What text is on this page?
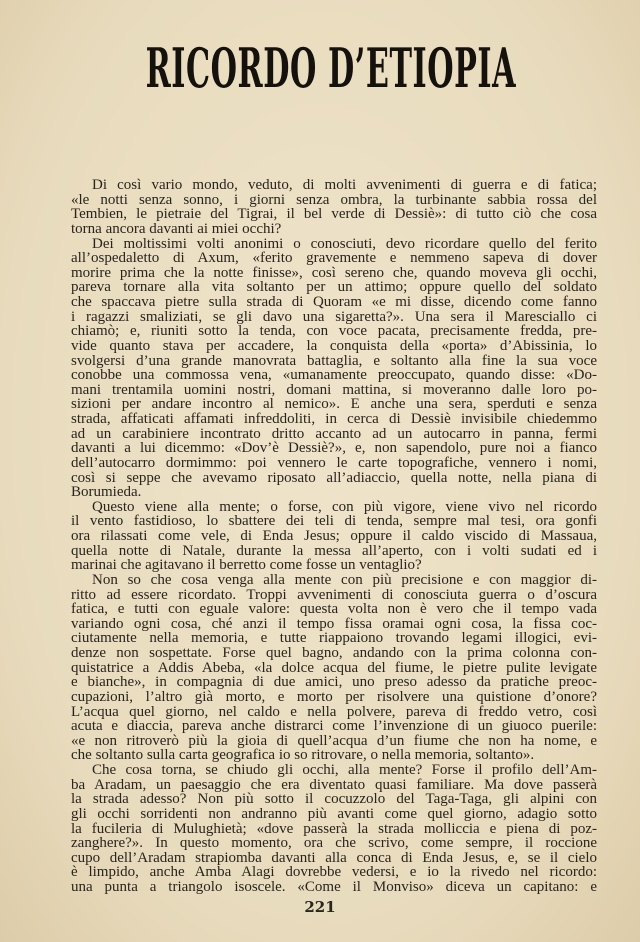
RICORDO D’ETIOPIA
Di così vario mondo, veduto, di molti avvenimenti di guerra e di fatica;
«le notti senza sonno, i giorni senza ombra, la turbinante sabbia rossa del
Tembien, le pietraie del Tigrai, il bel verde di Dessiè»: di tutto ciò che cosa
torna ancora davanti ai miei occhi?
Dei moltissimi volti anonimi o conosciuti, devo ricordare quello del ferito
all’ospedaletto di Axum, «ferito gravemente e nemmeno sapeva di dover
morire prima che la notte finisse», così sereno che, quando moveva gli occhi,
pareva tornare alla vita soltanto per un attimo; oppure quello del soldato
che spaccava pietre sulla strada di Quoram «e mi disse, dicendo come fanno
i ragazzi smaliziati, se gli davo una sigaretta?». Una sera il Maresciallo ci
chiamò; e, riuniti sotto la tenda, con voce pacata, precisamente fredda, pre-
vide quanto stava per accadere, la conquista della «porta» d’Abissinia, lo
svolgersi d’una grande manovrata battaglia, e soltanto alla fine la sua voce
conobbe una commossa vena, «umanamente preoccupato, quando disse: «Do-
mani trentamila uomini nostri, domani mattina, si moveranno dalle loro po-
sizioni per andare incontro al nemico». E anche una sera, sperduti e senza
strada, affaticati affamati infreddoliti, in cerca di Dessiè invisibile chiedemmo
ad un carabiniere incontrato dritto accanto ad un autocarro in panna, fermi
davanti a lui dicemmo: «Dov’è Dessiè?», e, non sapendolo, pure noi a fianco
dell’autocarro dormimmo: poi vennero le carte topografiche, vennero i nomi,
così si seppe che avevamo riposato all’adiaccio, quella notte, nella piana di
Borumieda.
Questo viene alla mente; o forse, con più vigore, viene vivo nel ricordo
il vento fastidioso, lo sbattere dei teli di tenda, sempre mal tesi, ora gonfi
ora rilassati come vele, di Enda Jesus; oppure il caldo viscido di Massaua,
quella notte di Natale, durante la messa all’aperto, con i volti sudati ed i
marinai che agitavano il berretto come fosse un ventaglio?
Non so che cosa venga alla mente con più precisione e con maggior di-
ritto ad essere ricordato. Troppi avvenimenti di conosciuta guerra o d’oscura
fatica, e tutti con eguale valore: questa volta non è vero che il tempo vada
variando ogni cosa, ché anzi il tempo fissa oramai ogni cosa, la fissa coc-
ciutamente nella memoria, e tutte riappaiono trovando legami illogici, evi-
denze non sospettate. Forse quel bagno, andando con la prima colonna con-
quistatrice a Addis Abeba, «la dolce acqua del fiume, le pietre pulite levigate
e bianche», in compagnia di due amici, uno preso adesso da pratiche preoc-
cupazioni, l’altro già morto, e morto per risolvere una quistione d’onore?
L’acqua quel giorno, nel caldo e nella polvere, pareva di freddo vetro, così
acuta e diaccia, pareva anche distrarci come l’invenzione di un giuoco puerile:
«e non ritroverò più la gioia di quell’acqua d’un fiume che non ha nome, e
che soltanto sulla carta geografica io so ritrovare, o nella memoria, soltanto».
Che cosa torna, se chiudo gli occhi, alla mente? Forse il profilo dell’Am-
ba Aradam, un paesaggio che era diventato quasi familiare. Ma dove passerà
la strada adesso? Non più sotto il cocuzzolo del Taga-Taga, gli alpini con
gli occhi sorridenti non andranno più avanti come quel giorno, adagio sotto
la fucileria di Mulughietà; «dove passerà la strada molliccia e piena di poz-
zanghere?». In questo momento, ora che scrivo, come sempre, il roccione
cupo dell’Aradam strapiomba davanti alla conca di Enda Jesus, e, se il cielo
è limpido, anche Amba Alagi dovrebbe vedersi, e io la rivedo nel ricordo:
una punta a triangolo isoscele. «Come il Monviso» diceva un capitano: e
221
